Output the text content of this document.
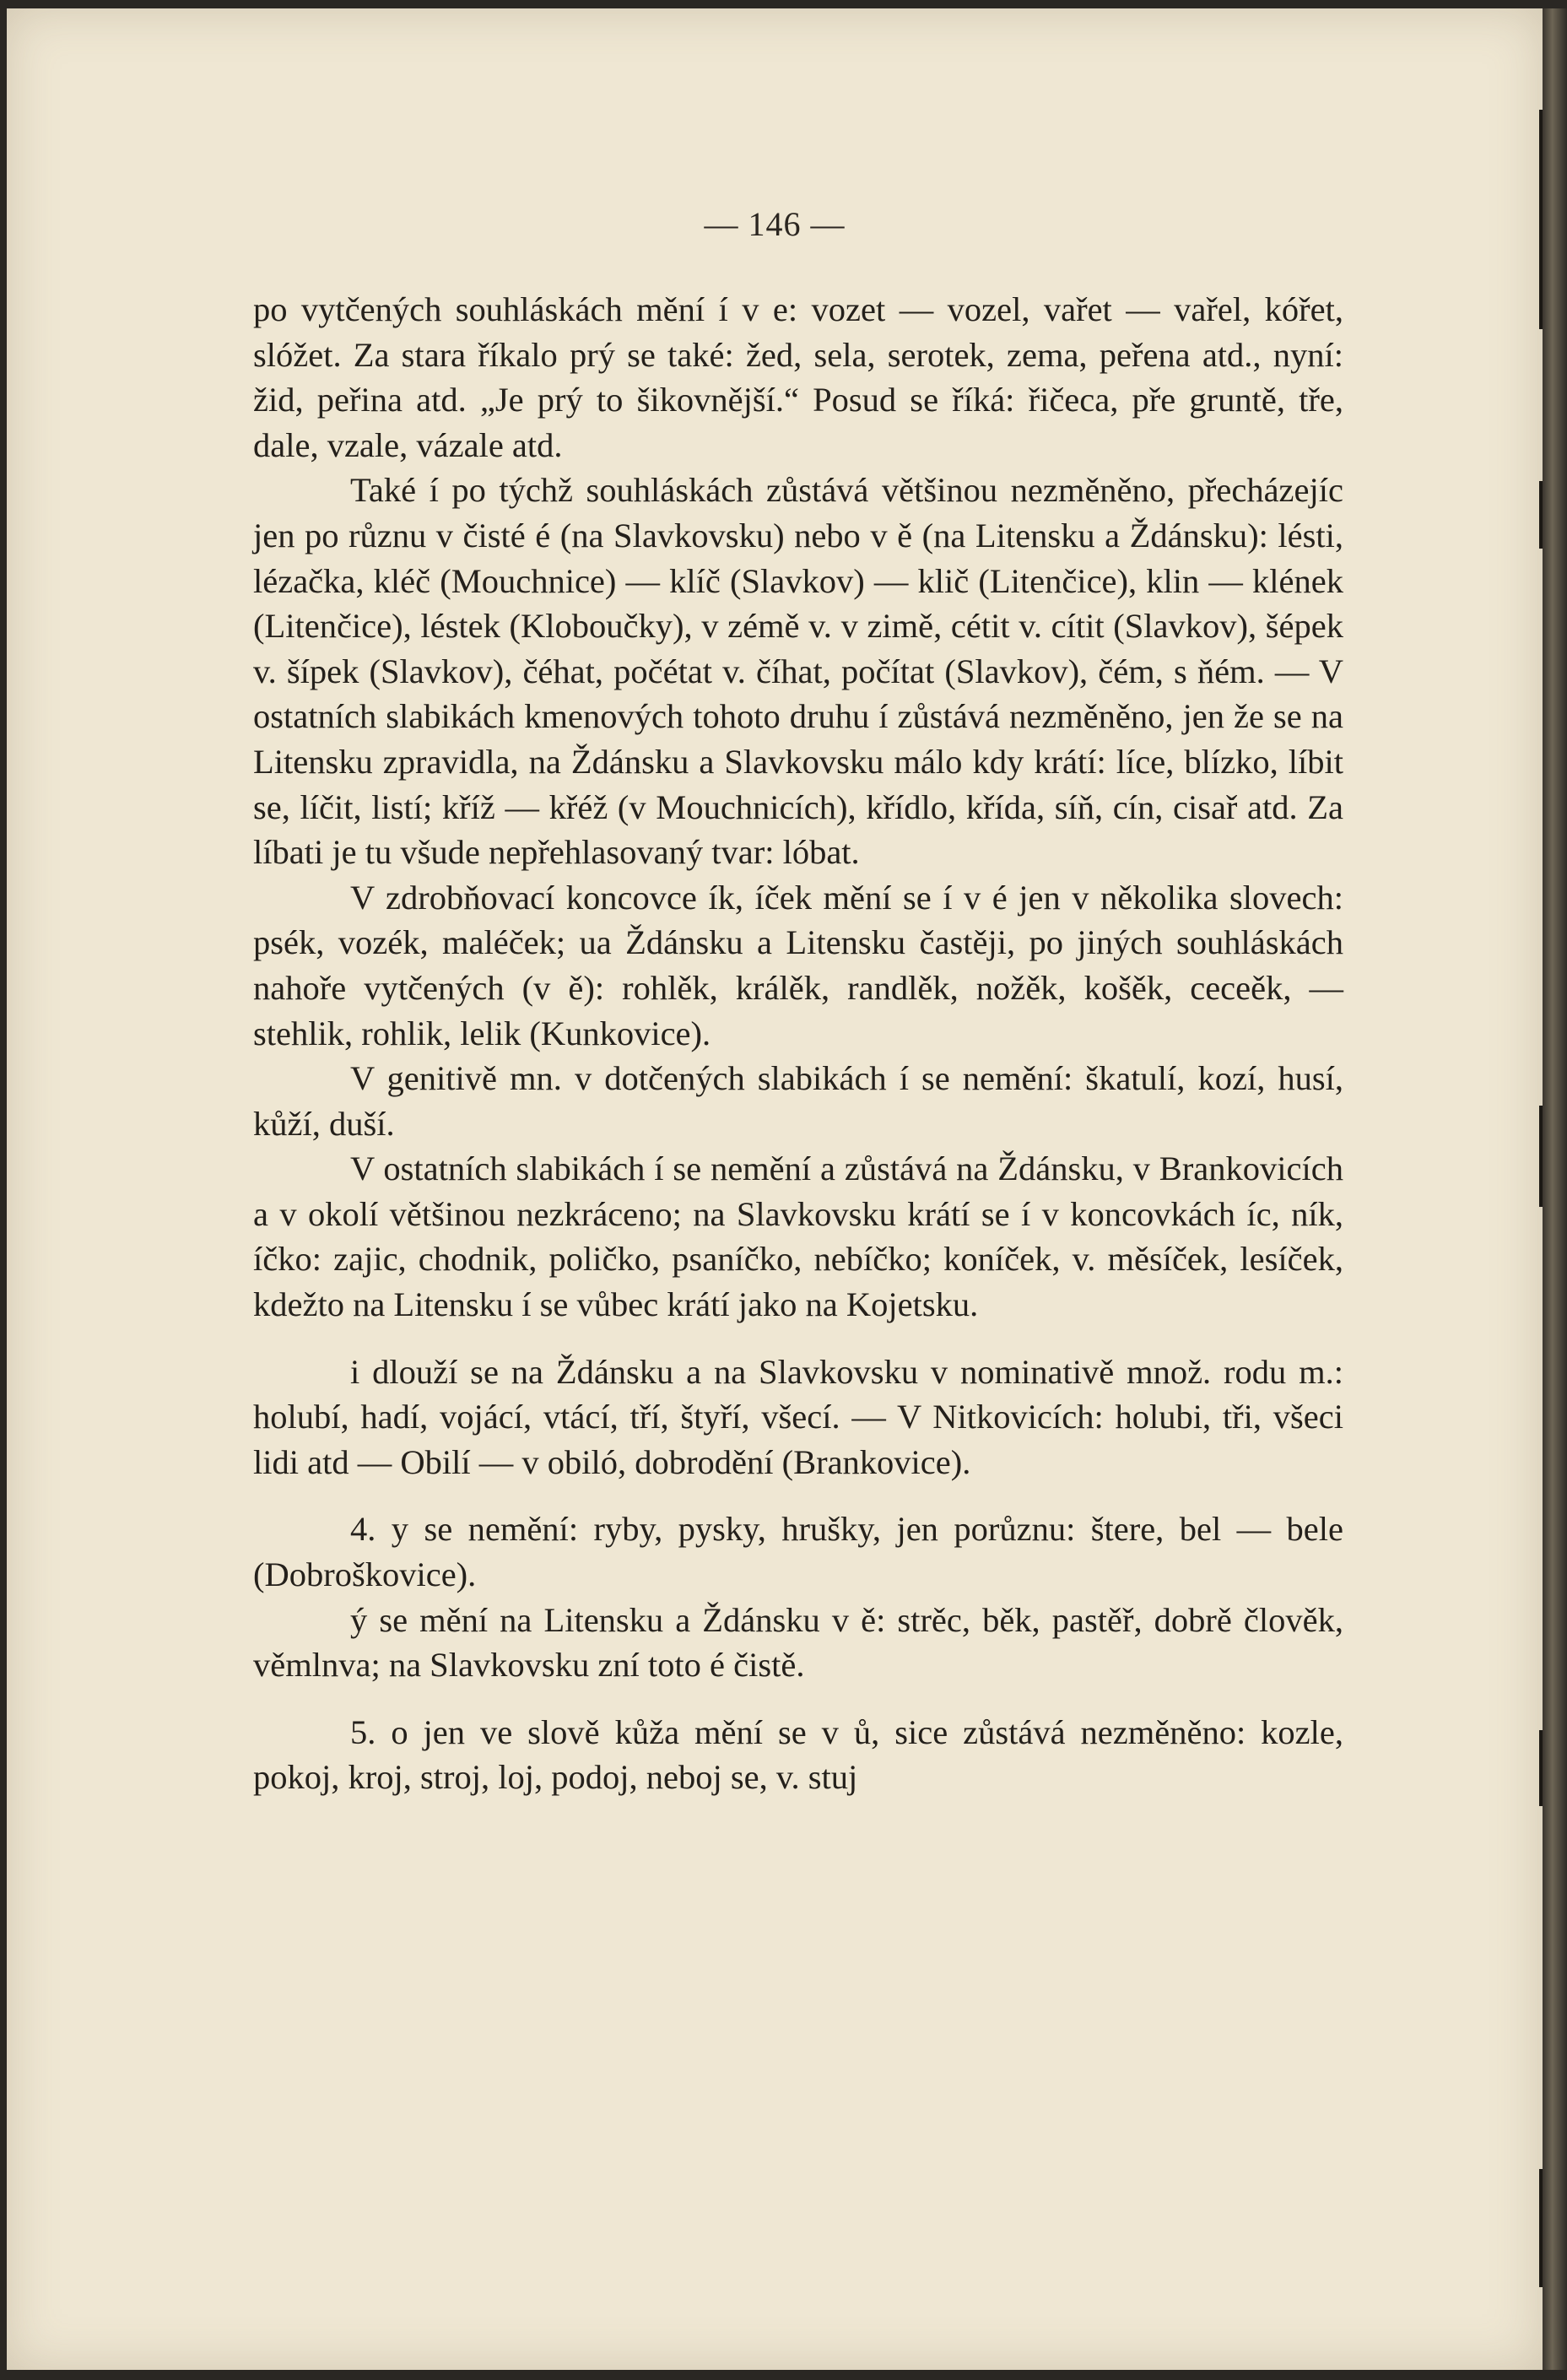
— 146 —

po vytčených souhláskách mění í v e: vozet — vozel, vařet — vařel, kóřet, slóžet. Za stara říkalo prý se také: žed, sela, serotek, zema, peřena atd., nyní: žid, peřina atd. „Je prý to šikovnější.“ Posud se říká: řičeca, pře gruntě, tře, dale, vzale, vázale atd.

Také í po týchž souhláskách zůstává většinou nezměněno, přecházejíc jen po různu v čisté é (na Slavkovsku) nebo v ě (na Litensku a Ždánsku): lésti, lézačka, kléč (Mouchnice) — klíč (Slavkov) — klič (Litenčice), klin — klének (Litenčice), léstek (Kloboučky), v zémě v. v zimě, cétit v. cítit (Slavkov), šépek v. šípek (Slavkov), čéhat, počétat v. číhat, počítat (Slavkov), čém, s ňém. — V ostatních slabikách kmenových tohoto druhu í zůstává nezměněno, jen že se na Litensku zpravidla, na Ždánsku a Slavkovsku málo kdy krátí: líce, blízko, líbit se, líčit, listí; kříž — křéž (v Mouchnicích), křídlo, křída, síň, cín, cisař atd. Za líbati je tu všude nepřehlasovaný tvar: lóbat.

V zdrobňovací koncovce ík, íček mění se í v é jen v několika slovech: psék, vozék, maléček; ua Ždánsku a Litensku častěji, po jiných souhláskách nahoře vytčených (v ě): rohlěk, králěk, randlěk, nožěk, košěk, ceceěk, — stehlik, rohlik, lelik (Kunkovice).

V genitivě mn. v dotčených slabikách í se nemění: škatulí, kozí, husí, kůží, duší.

V ostatních slabikách í se nemění a zůstává na Ždánsku, v Brankovicích a v okolí většinou nezkráceno; na Slavkovsku krátí se í v koncovkách íc, ník, íčko: zajic, chodnik, poličko, psaníčko, nebíčko; koníček, v. měsíček, lesíček, kdežto na Litensku í se vůbec krátí jako na Kojetsku.

i dlouží se na Ždánsku a na Slavkovsku v nominativě množ. rodu m.: holubí, hadí, vojácí, vtácí, tří, štyří, všecí. — V Nitkovicích: holubi, tři, všeci lidi atd — Obilí — v obiló, dobrodění (Brankovice).

4. y se nemění: ryby, pysky, hrušky, jen porůznu: štere, bel — bele (Dobroškovice).

ý se mění na Litensku a Ždánsku v ě: strěc, běk, pastěř, dobrě člověk, věmlnva; na Slavkovsku zní toto é čistě.

5. o jen ve slově kůža mění se v ů, sice zůstává nezměněno: kozle, pokoj, kroj, stroj, loj, podoj, neboj se, v. stuj
